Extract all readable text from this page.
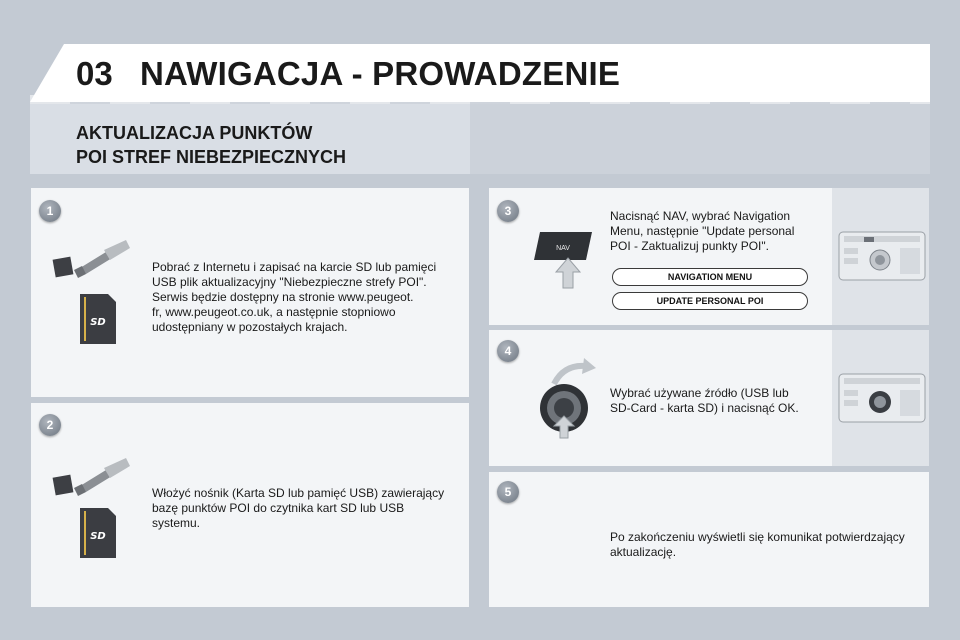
03 NAWIGACJA - PROWADZENIE
AKTUALIZACJA PUNKTÓW
POI STREF NIEBEZPIECZNYCH
1
SD
Pobrać z Internetu i zapisać na karcie SD lub pamięci
USB plik aktualizacyjny "Niebezpieczne strefy POI".
Serwis będzie dostępny na stronie www.peugeot.
fr, www.peugeot.co.uk, a następnie stopniowo
udostępniany w pozostałych krajach.
2
SD
Włożyć nośnik (Karta SD lub pamięć USB) zawierający
bazę punktów POI do czytnika kart SD lub USB
systemu.
3
NAV
Nacisnąć NAV, wybrać Navigation
Menu, następnie "Update personal
POI - Zaktualizuj punkty POI".
NAVIGATION MENU
UPDATE PERSONAL POI
4
Wybrać używane źródło (USB lub
SD-Card - karta SD) i nacisnąć OK.
5
Po zakończeniu wyświetli się komunikat potwierdzający
aktualizację.
